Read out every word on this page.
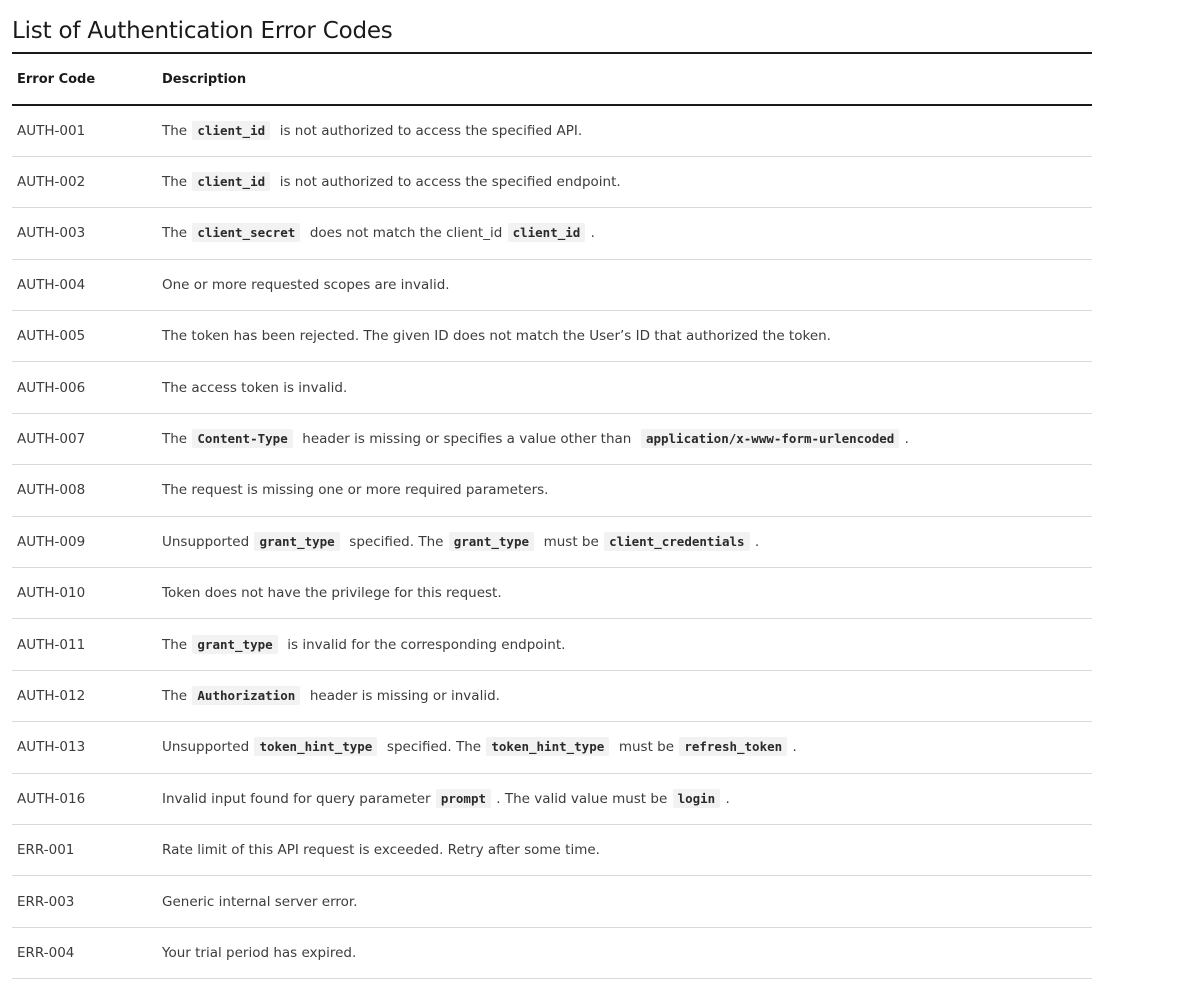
List of Authentication Error Codes
Error Code	Description
AUTH-001	The client_id  is not authorized to access the specified API.
AUTH-002	The client_id  is not authorized to access the specified endpoint.
AUTH-003	The client_secret  does not match the client_id client_id .
AUTH-004	One or more requested scopes are invalid.
AUTH-005	The token has been rejected. The given ID does not match the User’s ID that authorized the token.
AUTH-006	The access token is invalid.
AUTH-007	The Content-Type  header is missing or specifies a value other than  application/x-www-form-urlencoded .
AUTH-008	The request is missing one or more required parameters.
AUTH-009	Unsupported grant_type  specified. The grant_type  must be client_credentials .
AUTH-010	Token does not have the privilege for this request.
AUTH-011	The grant_type  is invalid for the corresponding endpoint.
AUTH-012	The Authorization  header is missing or invalid.
AUTH-013	Unsupported token_hint_type  specified. The token_hint_type  must be refresh_token .
AUTH-016	Invalid input found for query parameter prompt . The valid value must be login .
ERR-001	Rate limit of this API request is exceeded. Retry after some time.
ERR-003	Generic internal server error.
ERR-004	Your trial period has expired.
